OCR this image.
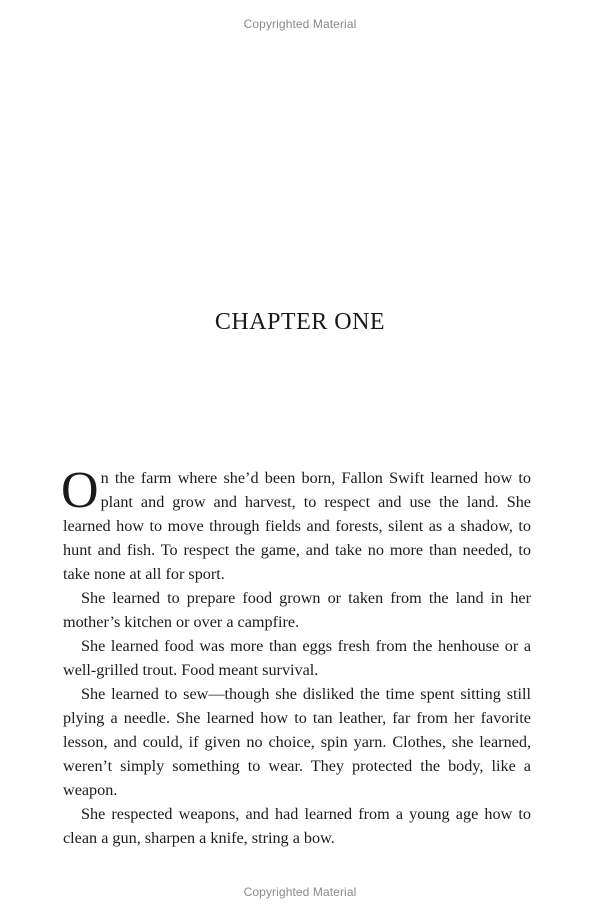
Copyrighted Material
CHAPTER ONE

On the farm where she’d been born, Fallon Swift learned how to plant and grow and harvest, to respect and use the land. She learned how to move through fields and forests, silent as a shadow, to hunt and fish. To respect the game, and take no more than needed, to take none at all for sport.

She learned to prepare food grown or taken from the land in her mother’s kitchen or over a campfire.

She learned food was more than eggs fresh from the henhouse or a well-grilled trout. Food meant survival.

She learned to sew—though she disliked the time spent sitting still plying a needle. She learned how to tan leather, far from her favorite lesson, and could, if given no choice, spin yarn. Clothes, she learned, weren’t simply something to wear. They protected the body, like a weapon.

She respected weapons, and had learned from a young age how to clean a gun, sharpen a knife, string a bow.

Copyrighted Material
